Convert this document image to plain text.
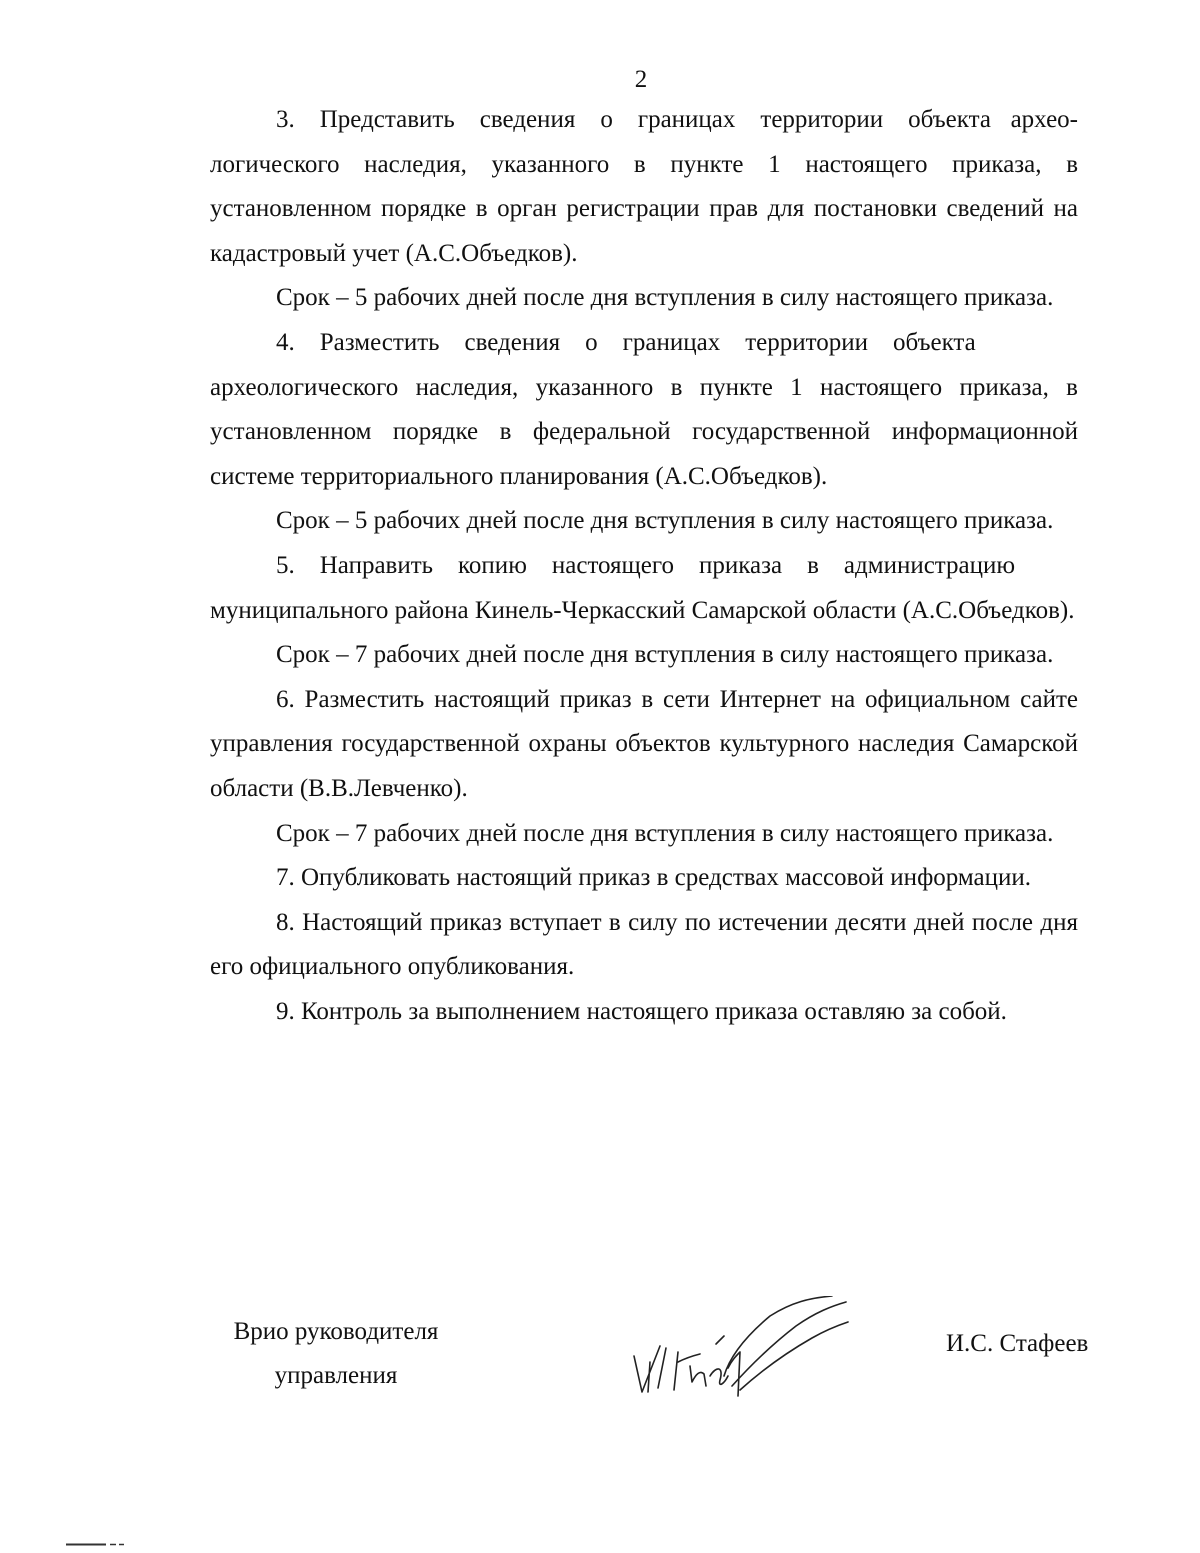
2

3. Представить сведения о границах территории объекта археологического наследия, указанного в пункте 1 настоящего приказа, в установленном порядке в орган регистрации прав для постановки сведений на кадастровый учет (А.С.Объедков).

Срок – 5 рабочих дней после дня вступления в силу настоящего приказа.

4. Разместить сведения о границах территории объекта археологического наследия, указанного в пункте 1 настоящего приказа, в установленном порядке в федеральной государственной информационной системе территориального планирования (А.С.Объедков).

Срок – 5 рабочих дней после дня вступления в силу настоящего приказа.

5. Направить копию настоящего приказа в администрацию муниципального района Кинель-Черкасский Самарской области (А.С.Объедков).

Срок – 7 рабочих дней после дня вступления в силу настоящего приказа.

6. Разместить настоящий приказ в сети Интернет на официальном сайте управления государственной охраны объектов культурного наследия Самарской области (В.В.Левченко).

Срок – 7 рабочих дней после дня вступления в силу настоящего приказа.

7. Опубликовать настоящий приказ в средствах массовой информации.

8. Настоящий приказ вступает в силу по истечении десяти дней после дня его официального опубликования.

9. Контроль за выполнением настоящего приказа оставляю за собой.

Врио руководителя
управления
И.С. Стафеев
